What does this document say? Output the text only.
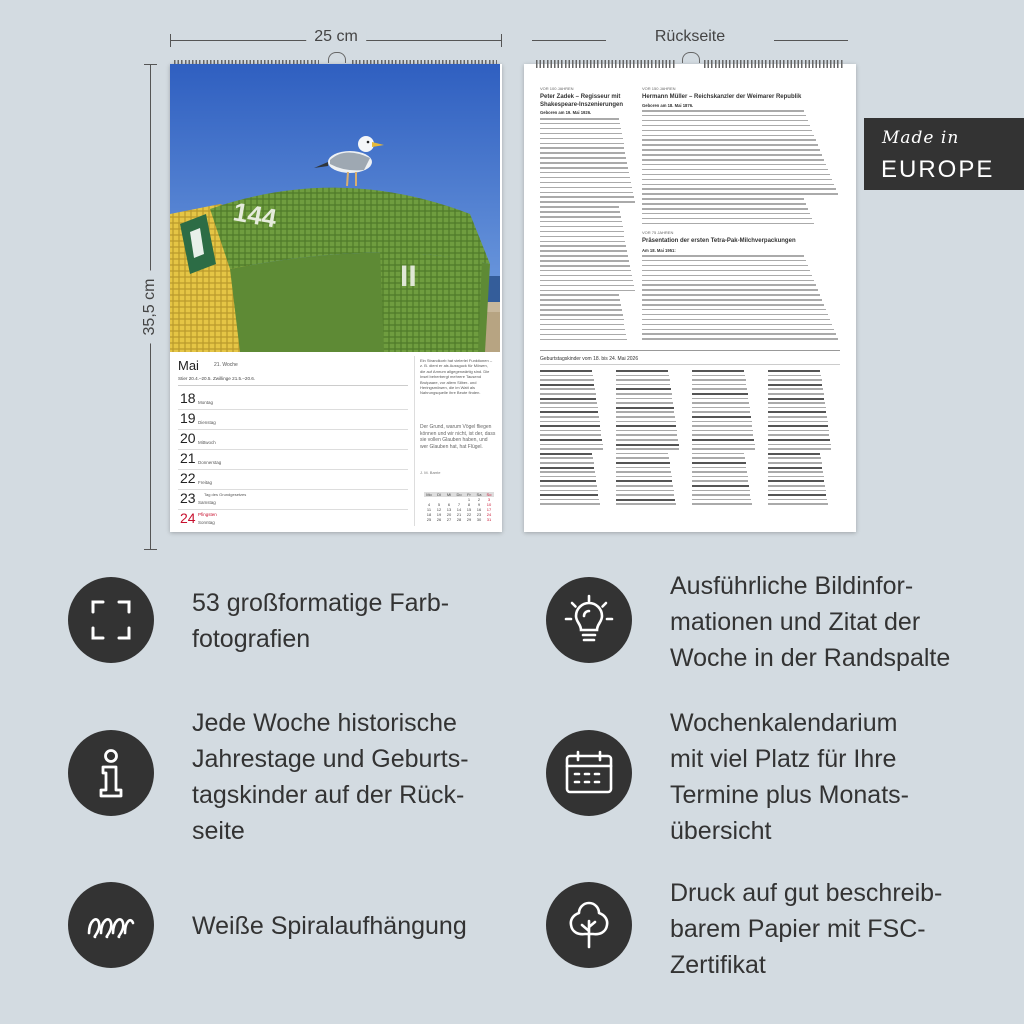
25 cm	Rückseite
35,5 cm
144
II
Mai	21. Woche
Stier 20.4.–20.5. Zwillinge 21.5.–20.6.
18 Montag
19 Dienstag
20 Mittwoch
21 Donnerstag
22 Freitag
23 Tag des Grundgesetzes
Samstag
24 Pfingsten
Sonntag
Ein Strandkorb hat vielerlei Funktionen – z. B. dient er als Aussguck für Möwen, die auf Amrum allgegenwärtig sind. Die Insel beherbergt mehrere Tausend Brutpaare, vor allem Silber- und Heringsmöwen, die im Watt als Nahrungsquelle ihre Beute finden.
Der Grund, warum Vögel fliegen können und wir nicht, ist der, dass sie vollen Glauben haben, und wer Glauben hat, hat Flügel.
J. M. Barrie
Mo	Di	Mi	Do	Fr	Sa	So
				1	2	3
4	5	6	7	8	9	10
11	12	13	14	15	16	17
18	19	20	21	22	23	24
25	26	27	28	29	30	31
VOR 100 JAHREN
Peter Zadek – Regisseur mit Shakespeare-Inszenierungen
Geboren am 19. Mai 1926.
VOR 150 JAHREN
Hermann Müller – Reichskanzler der Weimarer Republik
Geboren am 18. Mai 1876.
VOR 75 JAHREN
Präsentation der ersten Tetra-Pak-Milchverpackungen
Am 18. Mai 1951:
Geburtstagskinder vom 18. bis 24. Mai 2026
Made in
EUROPE
53 großformatige Farb-
fotografien
Ausführliche Bildinfor-
mationen und Zitat der
Woche in der Randspalte
Jede Woche historische
Jahrestage und Geburts-
tagskinder auf der Rück-
seite
Wochenkalendarium
mit viel Platz für Ihre
Termine plus Monats-
übersicht
Weiße Spiralaufhängung
Druck auf gut beschreib-
barem Papier mit FSC-
Zertifikat
